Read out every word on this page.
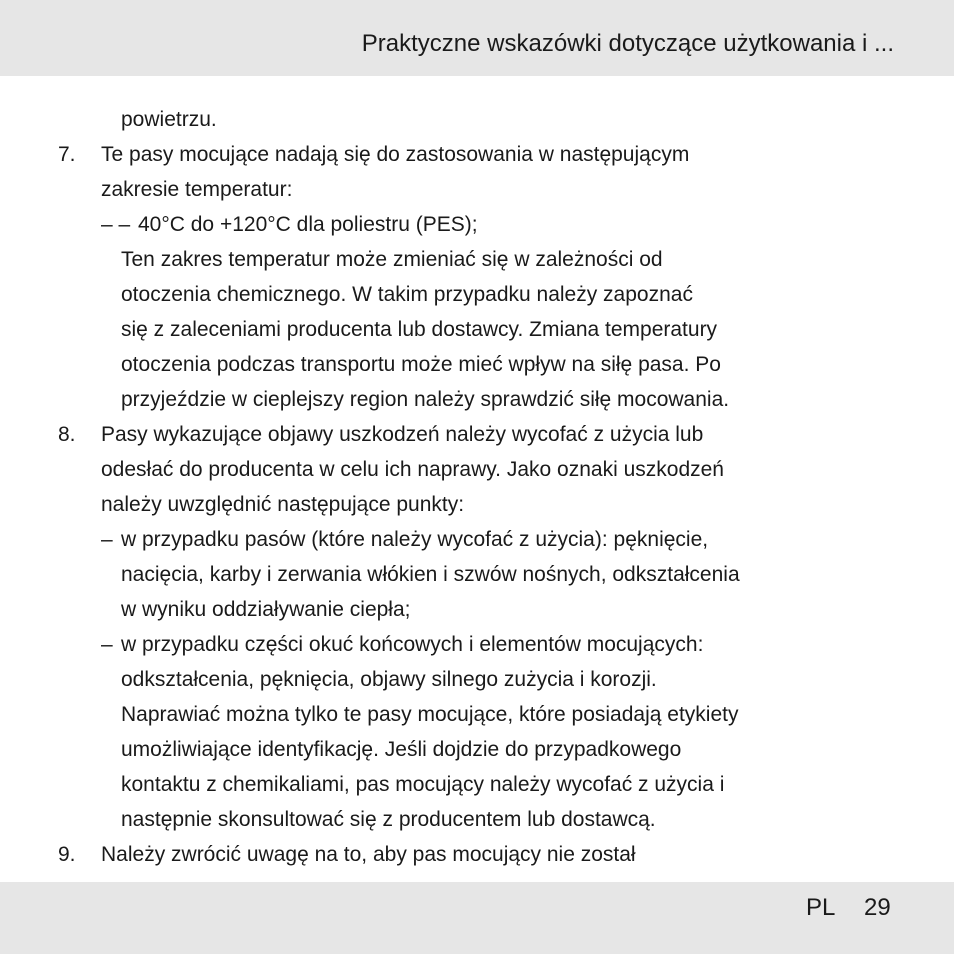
Praktyczne wskazówki dotyczące użytkowania i ...
powietrzu.
7. Te pasy mocujące nadają się do zastosowania w następującym
zakresie temperatur:
– – 40°C do +120°C dla poliestru (PES);
Ten zakres temperatur może zmieniać się w zależności od
otoczenia chemicznego. W takim przypadku należy zapoznać
się z zaleceniami producenta lub dostawcy. Zmiana temperatury
otoczenia podczas transportu może mieć wpływ na siłę pasa. Po
przyjeździe w cieplejszy region należy sprawdzić siłę mocowania.
8. Pasy wykazujące objawy uszkodzeń należy wycofać z użycia lub
odesłać do producenta w celu ich naprawy. Jako oznaki uszkodzeń
należy uwzględnić następujące punkty:
– w przypadku pasów (które należy wycofać z użycia): pęknięcie,
nacięcia, karby i zerwania włókien i szwów nośnych, odkształcenia
w wyniku oddziaływanie ciepła;
– w przypadku części okuć końcowych i elementów mocujących:
odkształcenia, pęknięcia, objawy silnego zużycia i korozji.
Naprawiać można tylko te pasy mocujące, które posiadają etykiety
umożliwiające identyfikację. Jeśli dojdzie do przypadkowego
kontaktu z chemikaliami, pas mocujący należy wycofać z użycia i
następnie skonsultować się z producentem lub dostawcą.
9. Należy zwrócić uwagę na to, aby pas mocujący nie został
PL 29
